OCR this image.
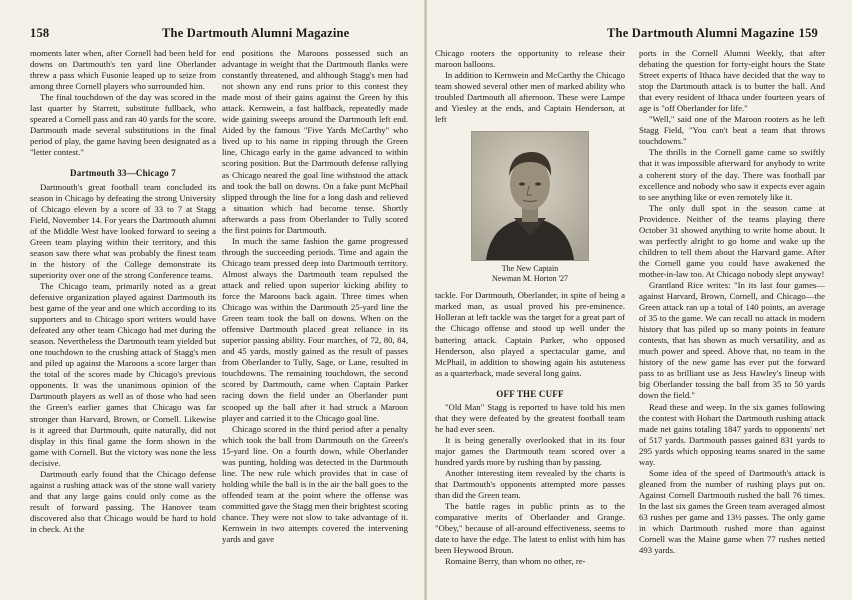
158	The Dartmouth Alumni Magazine

moments later when, after Cornell had been held for downs on Dartmouth's ten yard line Oberlander threw a pass which Fusonie leaped up to seize from among three Cornell players who surrounded him.

The final touchdown of the day was scored in the last quarter by Starrett, substitute fullback, who speared a Cornell pass and ran 40 yards for the score. Dartmouth made several substitutions in the final period of play, the game having been designated as a "letter contest."

Dartmouth 33—Chicago 7

Dartmouth's great football team concluded its season in Chicago by defeating the strong University of Chicago eleven by a score of 33 to 7 at Stagg Field, November 14. For years the Dartmouth alumni of the Middle West have looked forward to seeing a Green team playing within their territory, and this season saw there what was probably the finest team in the history of the College demonstrate its superiority over one of the strong Conference teams.

The Chicago team, primarily noted as a great defensive organization played against Dartmouth its best game of the year and one which according to its supporters and to Chicago sport writers would have defeated any other team Chicago had met during the season. Nevertheless the Dartmouth team yielded but one touchdown to the crushing attack of Stagg's men and piled up against the Maroons a score larger than the total of the scores made by Chicago's previous opponents. It was the unanimous opinion of the Dartmouth players as well as of those who had seen the Green's earlier games that Chicago was far stronger than Harvard, Brown, or Cornell. Likewise is it agreed that Dartmouth, quite naturally, did not display in this final game the form shown in the game with Cornell. But the victory was none the less decisive.

Dartmouth early found that the Chicago defense against a rushing attack was of the stone wall variety and that any large gains could only come as the result of forward passing. The Hanover team discovered also that Chicago would be hard to hold in check. At the

end positions the Maroons possessed such an advantage in weight that the Dartmouth flanks were constantly threatened, and although Stagg's men had not shown any end runs prior to this contest they made most of their gains against the Green by this attack. Kernwein, a fast halfback, repeatedly made wide gaining sweeps around the Dartmouth left end. Aided by the famous "Five Yards McCarthy" who lived up to his name in ripping through the Green line, Chicago early in the game advanced to within scoring position. But the Dartmouth defense rallying as Chicago neared the goal line withstood the attack and took the ball on downs. On a fake punt McPhail slipped through the line for a long dash and relieved a situation which had become tense. Shortly afterwards a pass from Oberlander to Tully scored the first points for Dartmouth.

In much the same fashion the game progressed through the succeeding periods. Time and again the Chicago team pressed deep into Dartmouth territory. Almost always the Dartmouth team repulsed the attack and relied upon superior kicking ability to force the Maroons back again. Three times when Chicago was within the Dartmouth 25-yard line the Green team took the ball on downs. When on the offensive Dartmouth placed great reliance in its superior passing ability. Four marches, of 72, 80, 84, and 45 yards, mostly gained as the result of passes from Oberlander to Tully, Sage, or Lane, resulted in touchdowns. The remaining touchdown, the second scored by Dartmouth, came when Captain Parker racing down the field under an Oberlander punt scooped up the ball after it had struck a Maroon player and carried it to the Chicago goal line.

Chicago scored in the third period after a penalty which took the ball from Dartmouth on the Green's 15-yard line. On a fourth down, while Oberlander was punting, holding was detected in the Dartmouth line. The new rule which provides that in case of holding while the ball is in the air the ball goes to the offended team at the point where the offense was committed gave the Stagg men their brightest scoring chance. They were not slow to take advantage of it. Kernwein in two attempts covered the intervening yards and gave

The Dartmouth Alumni Magazine 159

Chicago rooters the opportunity to release their maroon balloons.

In addition to Kernwein and McCarthy the Chicago team showed several other men of marked ability who troubled Dartmouth all afternoon. These were Lampe and Yiesley at the ends, and Captain Henderson, at left

The New Captain
Newman M. Horton '27

tackle. For Dartmouth, Oberlander, in spite of being a marked man, as usual proved his pre-eminence. Holleran at left tackle was the target for a great part of the Chicago offense and stood up well under the battering attack. Captain Parker, who opposed Henderson, also played a spectacular game, and McPhail, in addition to showing again his astuteness as a quarterback, made several long gains.

OFF THE CUFF

"Old Man" Stagg is reported to have told his men that they were defeated by the greatest football team he had ever seen.

It is being generally overlooked that in its four major games the Dartmouth team scored over a hundred yards more by rushing than by passing.

Another interesting item revealed by the charts is that Dartmouth's opponents attempted more passes than did the Green team.

The battle rages in public prints as to the comparative merits of Oberlander and Grange. "Obey," because of all-around effectiveness, seems to date to have the edge. The latest to enlist with him has been Heywood Broun.

Romaine Berry, than whom no other, re-

ports in the Cornell Alumni Weekly, that after debating the question for forty-eight hours the State Street experts of Ithaca have decided that the way to stop the Dartmouth attack is to butter the ball. And that every resident of Ithaca under fourteen years of age is "off Oberlander for life."

"Well," said one of the Maroon rooters as he left Stagg Field, "You can't beat a team that throws touchdowns."

The thrills in the Cornell game came so swiftly that it was impossible afterward for anybody to write a coherent story of the day. There was football par excellence and nobody who saw it expects ever again to see anything like or even remotely like it.

The only dull spot in the season came at Providence. Neither of the teams playing there October 31 showed anything to write home about. It was perfectly alright to go home and wake up the children to tell them about the Harvard game. After the Cornell game you could have awakened the mother-in-law too. At Chicago nobody slept anyway!

Grantland Rice writes: "In its last four games—against Harvard, Brown, Cornell, and Chicago—the Green attack ran up a total of 140 points, an average of 35 to the game. We can recall no attack in modern history that has piled up so many points in feature contests, that has shown as much versatility, and as much power and speed. Above that, no team in the history of the new game has ever put the forward pass to as brilliant use as Jess Hawley's lineup with big Oberlander tossing the ball from 35 to 50 yards down the field."

Read these and weep. In the six games following the contest with Hobart the Dartmouth rushing attack made net gains totaling 1847 yards to opponents' net of 517 yards. Dartmouth passes gained 831 yards to 295 yards which opposing teams snared in the same way.

Some idea of the speed of Dartmouth's attack is gleaned from the number of rushing plays put on. Against Cornell Dartmouth rushed the ball 76 times. In the last six games the Green team averaged almost 63 rushes per game and 13½ passes. The only game in which Dartmouth rushed more than against Cornell was the Maine game when 77 rushes netted 493 yards.
